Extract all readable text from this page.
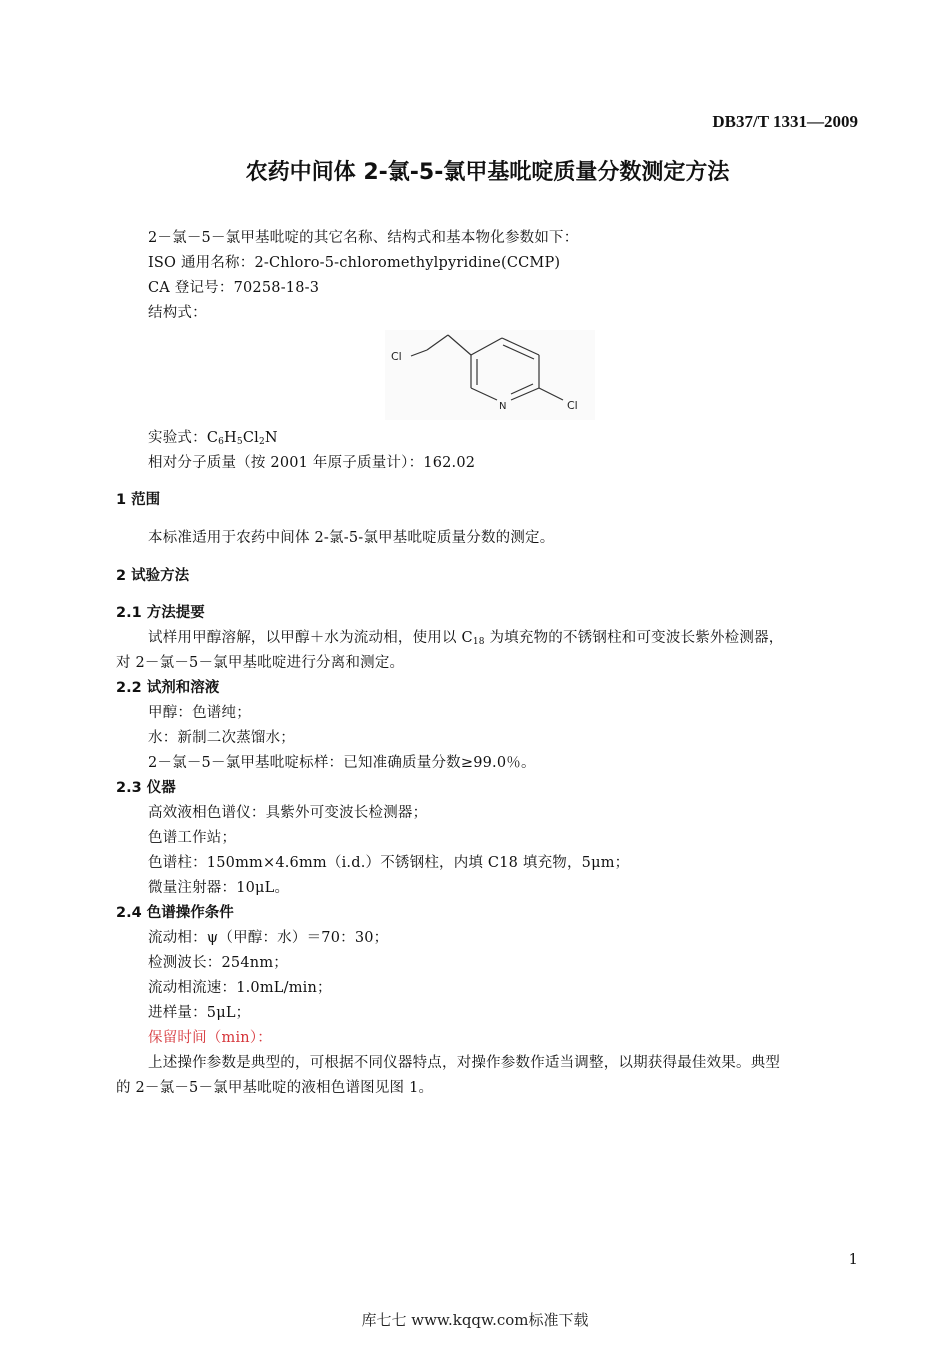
DB37/T 1331—2009
农药中间体 2-氯-5-氯甲基吡啶质量分数测定方法
2－氯－5－氯甲基吡啶的其它名称、结构式和基本物化参数如下：
ISO 通用名称：2-Chloro-5-chloromethylpyridine(CCMP)
CA 登记号：70258-18-3
结构式：
Cl
N	Cl
实验式：$C_6H_5Cl_2N$
相对分子质量（按 2001 年原子质量计）：162.02
1 范围
本标准适用于农药中间体 2-氯-5-氯甲基吡啶质量分数的测定。
2 试验方法
2.1 方法提要
试样用甲醇溶解，以甲醇＋水为流动相，使用以 $C_{18}$ 为填充物的不锈钢柱和可变波长紫外检测器，
对 2－氯－5－氯甲基吡啶进行分离和测定。
2.2 试剂和溶液
甲醇：色谱纯；
水：新制二次蒸馏水；
2－氯－5－氯甲基吡啶标样：已知准确质量分数≥99.0％。
2.3 仪器
高效液相色谱仪：具紫外可变波长检测器；
色谱工作站；
色谱柱：150mm×4.6mm（i.d.）不锈钢柱，内填 C18 填充物，5μm；
微量注射器：10μL。
2.4 色谱操作条件
流动相：ψ（甲醇：水）＝70：30；
检测波长：254nm；
流动相流速：1.0mL/min；
进样量：5μL；
保留时间（min）：
上述操作参数是典型的，可根据不同仪器特点，对操作参数作适当调整，以期获得最佳效果。典型
的 2－氯－5－氯甲基吡啶的液相色谱图见图 1。
1
库七七 www.kqqw.com标准下载
